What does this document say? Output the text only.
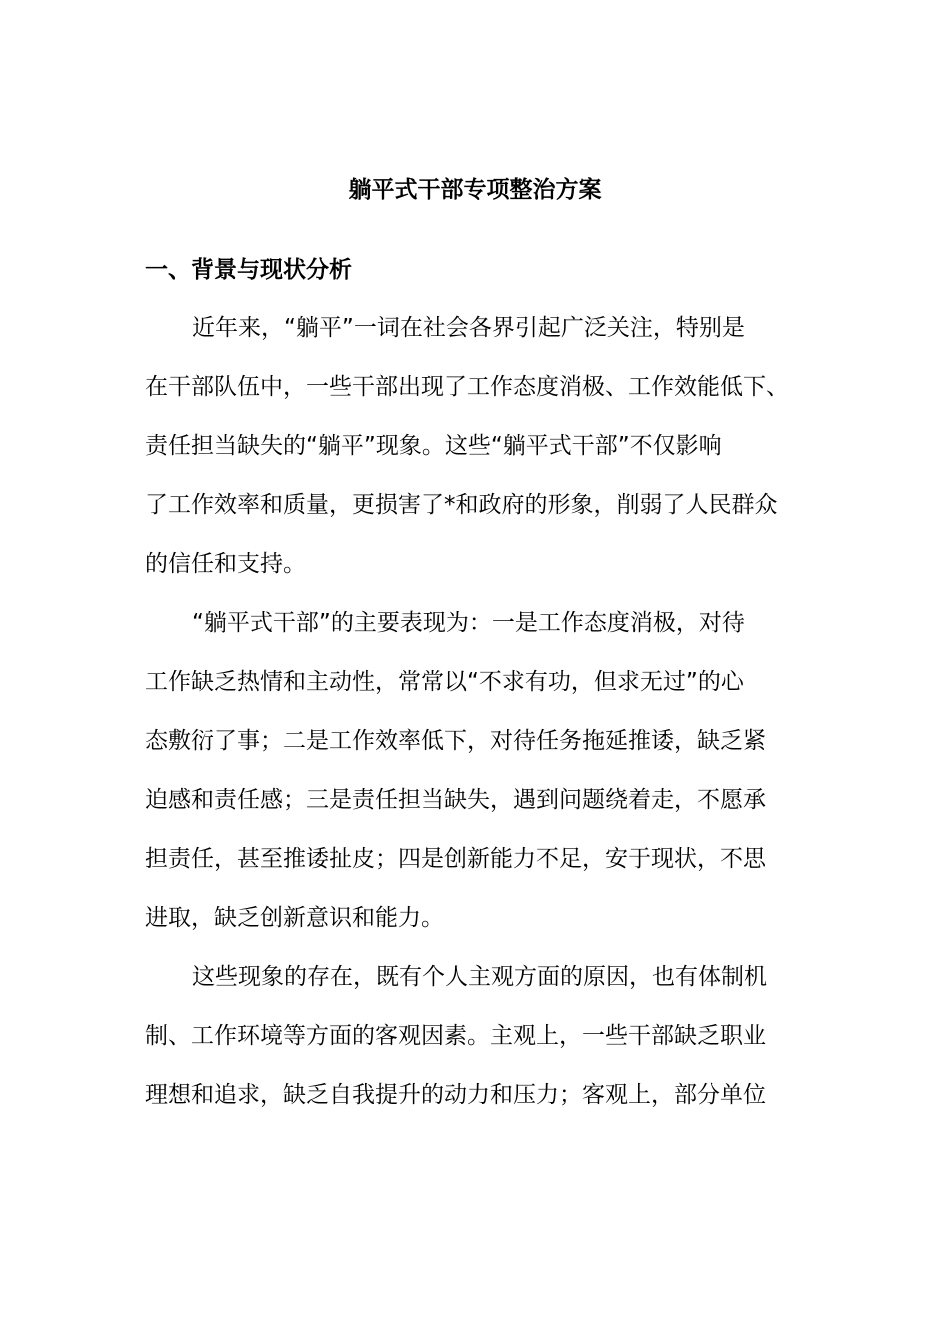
躺平式干部专项整治方案
一、背景与现状分析

近年来，“躺平”一词在社会各界引起广泛关注，特别是

在干部队伍中，一些干部出现了工作态度消极、工作效能低下、

责任担当缺失的“躺平”现象。这些“躺平式干部”不仅影响

了工作效率和质量，更损害了*和政府的形象，削弱了人民群众

的信任和支持。

“躺平式干部”的主要表现为：一是工作态度消极，对待

工作缺乏热情和主动性，常常以“不求有功，但求无过”的心

态敷衍了事；二是工作效率低下，对待任务拖延推诿，缺乏紧

迫感和责任感；三是责任担当缺失，遇到问题绕着走，不愿承

担责任，甚至推诿扯皮；四是创新能力不足，安于现状，不思

进取，缺乏创新意识和能力。

这些现象的存在，既有个人主观方面的原因，也有体制机

制、工作环境等方面的客观因素。主观上，一些干部缺乏职业

理想和追求，缺乏自我提升的动力和压力；客观上，部分单位
